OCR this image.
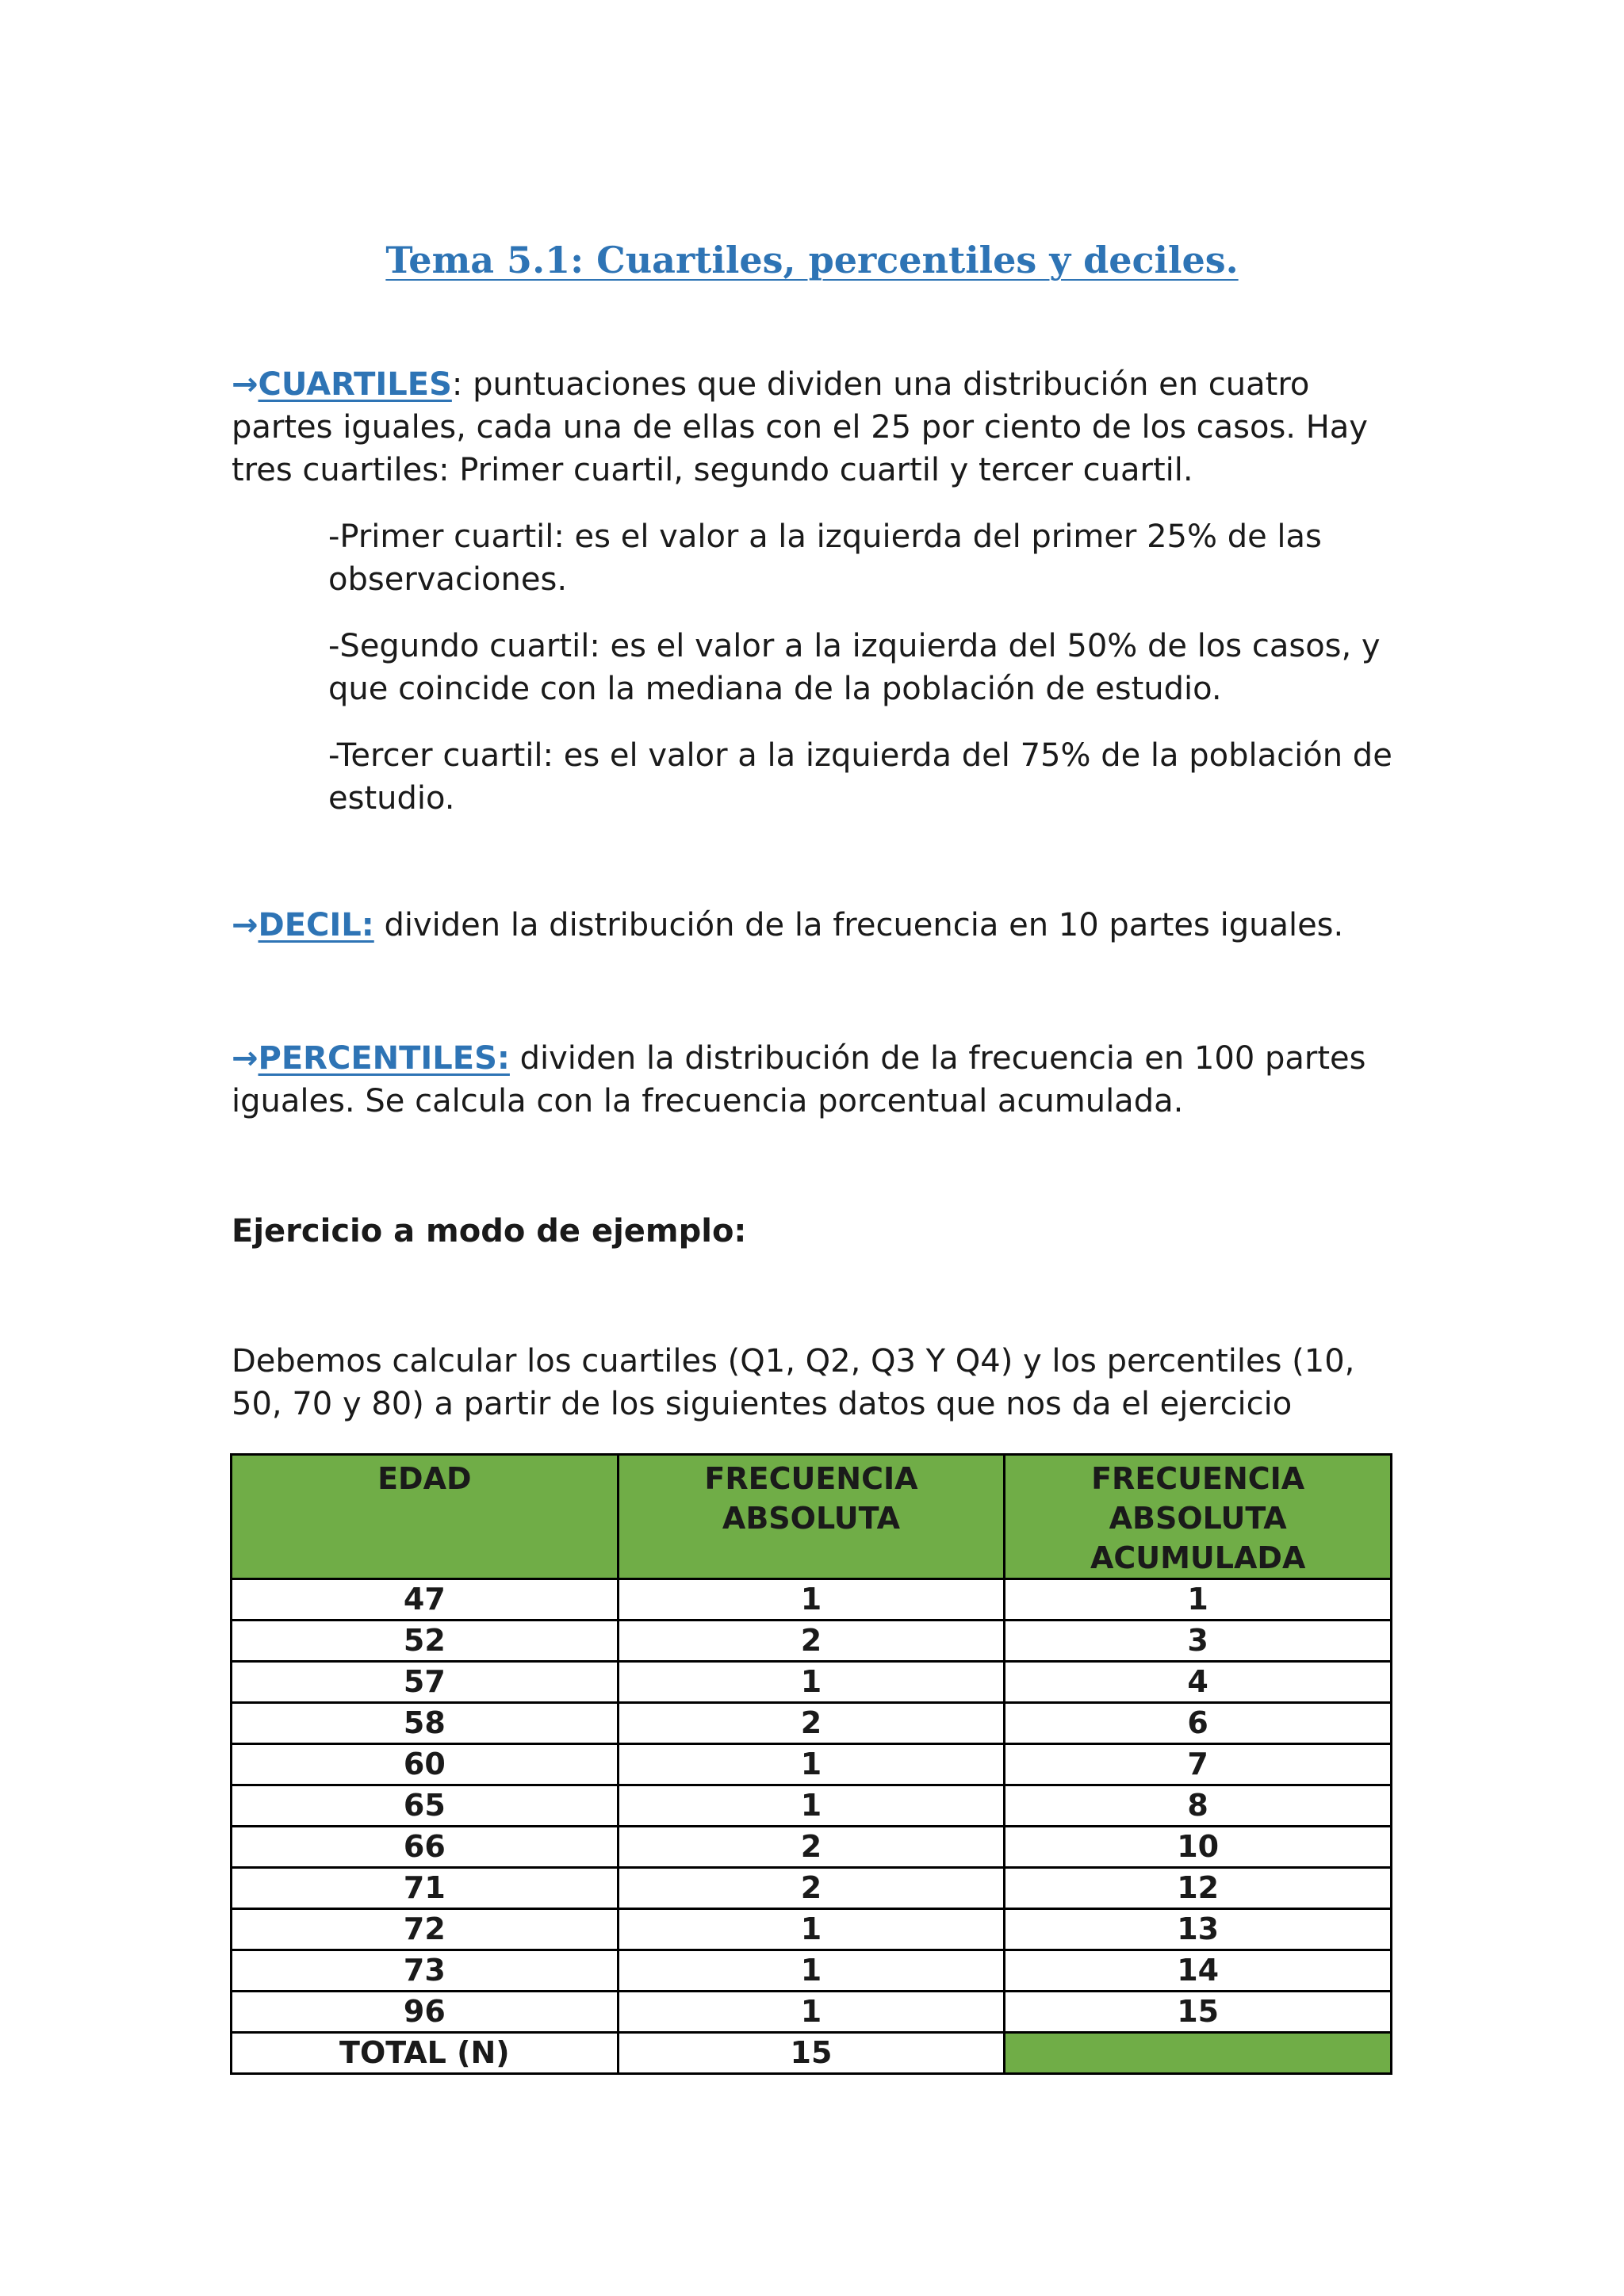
Tema 5.1: Cuartiles, percentiles y deciles.

→CUARTILES: puntuaciones que dividen una distribución en cuatro partes iguales, cada una de ellas con el 25 por ciento de los casos. Hay tres cuartiles: Primer cuartil, segundo cuartil y tercer cuartil.

-Primer cuartil: es el valor a la izquierda del primer 25% de las observaciones.

-Segundo cuartil: es el valor a la izquierda del 50% de los casos, y que coincide con la mediana de la población de estudio.

-Tercer cuartil: es el valor a la izquierda del 75% de la población de estudio.

→DECIL: dividen la distribución de la frecuencia en 10 partes iguales.

→PERCENTILES: dividen la distribución de la frecuencia en 100 partes iguales. Se calcula con la frecuencia porcentual acumulada.

Ejercicio a modo de ejemplo:

Debemos calcular los cuartiles (Q1, Q2, Q3 Y Q4) y los percentiles (10, 50, 70 y 80) a partir de los siguientes datos que nos da el ejercicio

EDAD	FRECUENCIA ABSOLUTA	FRECUENCIA ABSOLUTA ACUMULADA
47	1	1
52	2	3
57	1	4
58	2	6
60	1	7
65	1	8
66	2	10
71	2	12
72	1	13
73	1	14
96	1	15
TOTAL (N)	15	
